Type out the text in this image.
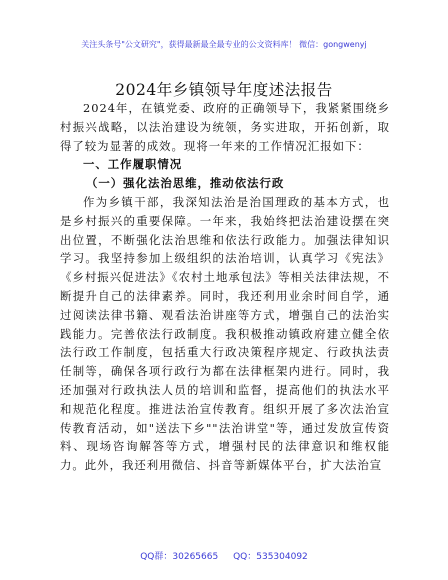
关注头条号"公文研究"，获得最新最全最专业的公文资料库！ 微信：gongwenyj
2024年乡镇领导年度述法报告

2024年，在镇党委、政府的正确领导下，我紧紧围绕乡村振兴战略，以法治建设为统领，务实进取，开拓创新，取得了较为显著的成效。现将一年来的工作情况汇报如下：

一、工作履职情况

（一）强化法治思维，推动依法行政

作为乡镇干部，我深知法治是治国理政的基本方式，也是乡村振兴的重要保障。一年来，我始终把法治建设摆在突出位置，不断强化法治思维和依法行政能力。加强法律知识学习。我坚持参加上级组织的法治培训，认真学习《宪法》《乡村振兴促进法》《农村土地承包法》等相关法律法规，不断提升自己的法律素养。同时，我还利用业余时间自学，通过阅读法律书籍、观看法治讲座等方式，增强自己的法治实践能力。完善依法行政制度。我积极推动镇政府建立健全依法行政工作制度，包括重大行政决策程序规定、行政执法责任制等，确保各项行政行为都在法律框架内进行。同时，我还加强对行政执法人员的培训和监督，提高他们的执法水平和规范化程度。推进法治宣传教育。组织开展了多次法治宣传教育活动，如"送法下乡""法治讲堂"等，通过发放宣传资料、现场咨询解答等方式，增强村民的法律意识和维权能力。此外，我还利用微信、抖音等新媒体平台，扩大法治宣

QQ群：30265665 QQ：535304092
